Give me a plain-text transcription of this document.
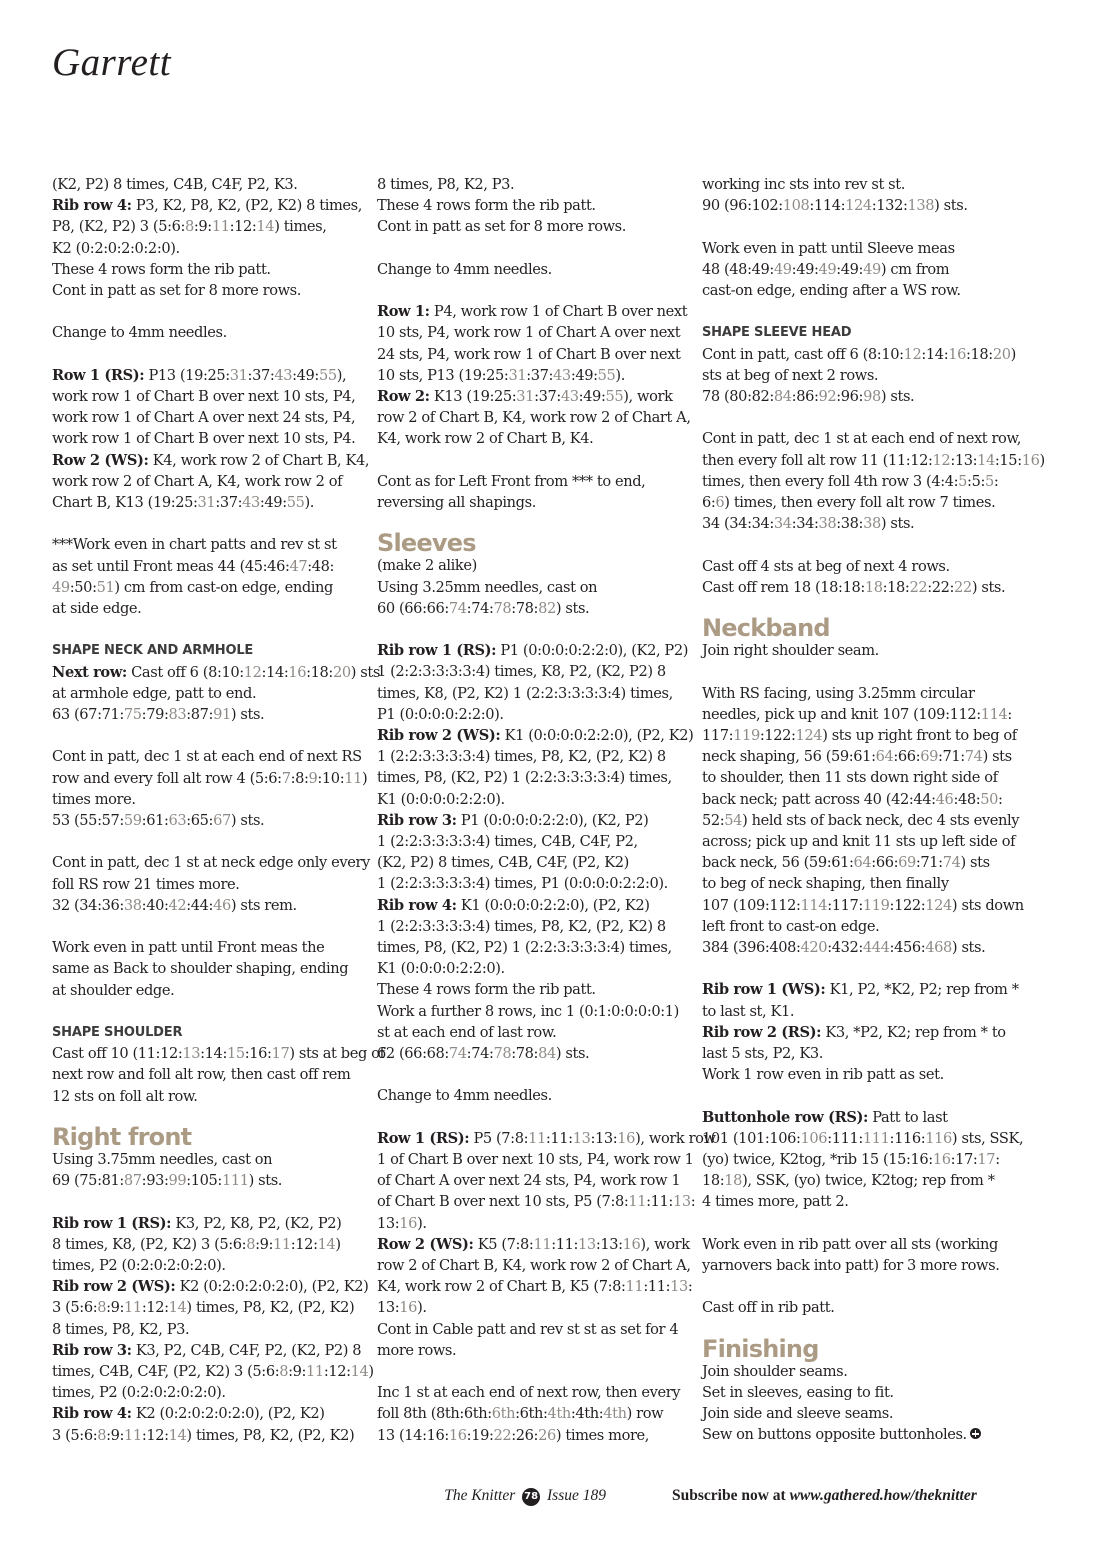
Garrett
(K2, P2) 8 times, C4B, C4F, P2, K3.
Rib row 4: P3, K2, P8, K2, (P2, K2) 8 times,
P8, (K2, P2) 3 (5:6:8:9:11:12:14) times,
K2 (0:2:0:2:0:2:0).
These 4 rows form the rib patt.
Cont in patt as set for 8 more rows.
Change to 4mm needles.
Row 1 (RS): P13 (19:25:31:37:43:49:55),
work row 1 of Chart B over next 10 sts, P4,
work row 1 of Chart A over next 24 sts, P4,
work row 1 of Chart B over next 10 sts, P4.
Row 2 (WS): K4, work row 2 of Chart B, K4,
work row 2 of Chart A, K4, work row 2 of
Chart B, K13 (19:25:31:37:43:49:55).
***Work even in chart patts and rev st st
as set until Front meas 44 (45:46:47:48:
49:50:51) cm from cast-on edge, ending
at side edge.
SHAPE NECK AND ARMHOLE
Next row: Cast off 6 (8:10:12:14:16:18:20) sts
at armhole edge, patt to end.
63 (67:71:75:79:83:87:91) sts.
Cont in patt, dec 1 st at each end of next RS
row and every foll alt row 4 (5:6:7:8:9:10:11)
times more.
53 (55:57:59:61:63:65:67) sts.
Cont in patt, dec 1 st at neck edge only every
foll RS row 21 times more.
32 (34:36:38:40:42:44:46) sts rem.
Work even in patt until Front meas the
same as Back to shoulder shaping, ending
at shoulder edge.
SHAPE SHOULDER
Cast off 10 (11:12:13:14:15:16:17) sts at beg of
next row and foll alt row, then cast off rem
12 sts on foll alt row.
Right front
Using 3.75mm needles, cast on
69 (75:81:87:93:99:105:111) sts.
Rib row 1 (RS): K3, P2, K8, P2, (K2, P2)
8 times, K8, (P2, K2) 3 (5:6:8:9:11:12:14)
times, P2 (0:2:0:2:0:2:0).
Rib row 2 (WS): K2 (0:2:0:2:0:2:0), (P2, K2)
3 (5:6:8:9:11:12:14) times, P8, K2, (P2, K2)
8 times, P8, K2, P3.
Rib row 3: K3, P2, C4B, C4F, P2, (K2, P2) 8
times, C4B, C4F, (P2, K2) 3 (5:6:8:9:11:12:14)
times, P2 (0:2:0:2:0:2:0).
Rib row 4: K2 (0:2:0:2:0:2:0), (P2, K2)
3 (5:6:8:9:11:12:14) times, P8, K2, (P2, K2)
8 times, P8, K2, P3.
These 4 rows form the rib patt.
Cont in patt as set for 8 more rows.
Change to 4mm needles.
Row 1: P4, work row 1 of Chart B over next
10 sts, P4, work row 1 of Chart A over next
24 sts, P4, work row 1 of Chart B over next
10 sts, P13 (19:25:31:37:43:49:55).
Row 2: K13 (19:25:31:37:43:49:55), work
row 2 of Chart B, K4, work row 2 of Chart A,
K4, work row 2 of Chart B, K4.
Cont as for Left Front from *** to end,
reversing all shapings.
Sleeves
(make 2 alike)
Using 3.25mm needles, cast on
60 (66:66:74:74:78:78:82) sts.
Rib row 1 (RS): P1 (0:0:0:0:2:2:0), (K2, P2)
1 (2:2:3:3:3:3:4) times, K8, P2, (K2, P2) 8
times, K8, (P2, K2) 1 (2:2:3:3:3:3:4) times,
P1 (0:0:0:0:2:2:0).
Rib row 2 (WS): K1 (0:0:0:0:2:2:0), (P2, K2)
1 (2:2:3:3:3:3:4) times, P8, K2, (P2, K2) 8
times, P8, (K2, P2) 1 (2:2:3:3:3:3:4) times,
K1 (0:0:0:0:2:2:0).
Rib row 3: P1 (0:0:0:0:2:2:0), (K2, P2)
1 (2:2:3:3:3:3:4) times, C4B, C4F, P2,
(K2, P2) 8 times, C4B, C4F, (P2, K2)
1 (2:2:3:3:3:3:4) times, P1 (0:0:0:0:2:2:0).
Rib row 4: K1 (0:0:0:0:2:2:0), (P2, K2)
1 (2:2:3:3:3:3:4) times, P8, K2, (P2, K2) 8
times, P8, (K2, P2) 1 (2:2:3:3:3:3:4) times,
K1 (0:0:0:0:2:2:0).
These 4 rows form the rib patt.
Work a further 8 rows, inc 1 (0:1:0:0:0:0:1)
st at each end of last row.
62 (66:68:74:74:78:78:84) sts.
Change to 4mm needles.
Row 1 (RS): P5 (7:8:11:11:13:13:16), work row
1 of Chart B over next 10 sts, P4, work row 1
of Chart A over next 24 sts, P4, work row 1
of Chart B over next 10 sts, P5 (7:8:11:11:13:
13:16).
Row 2 (WS): K5 (7:8:11:11:13:13:16), work
row 2 of Chart B, K4, work row 2 of Chart A,
K4, work row 2 of Chart B, K5 (7:8:11:11:13:
13:16).
Cont in Cable patt and rev st st as set for 4
more rows.
Inc 1 st at each end of next row, then every
foll 8th (8th:6th:6th:6th:4th:4th:4th) row
13 (14:16:16:19:22:26:26) times more,
working inc sts into rev st st.
90 (96:102:108:114:124:132:138) sts.
Work even in patt until Sleeve meas
48 (48:49:49:49:49:49:49) cm from
cast-on edge, ending after a WS row.
SHAPE SLEEVE HEAD
Cont in patt, cast off 6 (8:10:12:14:16:18:20)
sts at beg of next 2 rows.
78 (80:82:84:86:92:96:98) sts.
Cont in patt, dec 1 st at each end of next row,
then every foll alt row 11 (11:12:12:13:14:15:16)
times, then every foll 4th row 3 (4:4:5:5:5:
6:6) times, then every foll alt row 7 times.
34 (34:34:34:34:38:38:38) sts.
Cast off 4 sts at beg of next 4 rows.
Cast off rem 18 (18:18:18:18:22:22:22) sts.
Neckband
Join right shoulder seam.
With RS facing, using 3.25mm circular
needles, pick up and knit 107 (109:112:114:
117:119:122:124) sts up right front to beg of
neck shaping, 56 (59:61:64:66:69:71:74) sts
to shoulder, then 11 sts down right side of
back neck; patt across 40 (42:44:46:48:50:
52:54) held sts of back neck, dec 4 sts evenly
across; pick up and knit 11 sts up left side of
back neck, 56 (59:61:64:66:69:71:74) sts
to beg of neck shaping, then finally
107 (109:112:114:117:119:122:124) sts down
left front to cast-on edge.
384 (396:408:420:432:444:456:468) sts.
Rib row 1 (WS): K1, P2, *K2, P2; rep from *
to last st, K1.
Rib row 2 (RS): K3, *P2, K2; rep from * to
last 5 sts, P2, K3.
Work 1 row even in rib patt as set.
Buttonhole row (RS): Patt to last
101 (101:106:106:111:111:116:116) sts, SSK,
(yo) twice, K2tog, *rib 15 (15:16:16:17:17:
18:18), SSK, (yo) twice, K2tog; rep from *
4 times more, patt 2.
Work even in rib patt over all sts (working
yarnovers back into patt) for 3 more rows.
Cast off in rib patt.
Finishing
Join shoulder seams.
Set in sleeves, easing to fit.
Join side and sleeve seams.
Sew on buttons opposite buttonholes.
The Knitter 78 Issue 189	Subscribe now at www.gathered.how/theknitter
